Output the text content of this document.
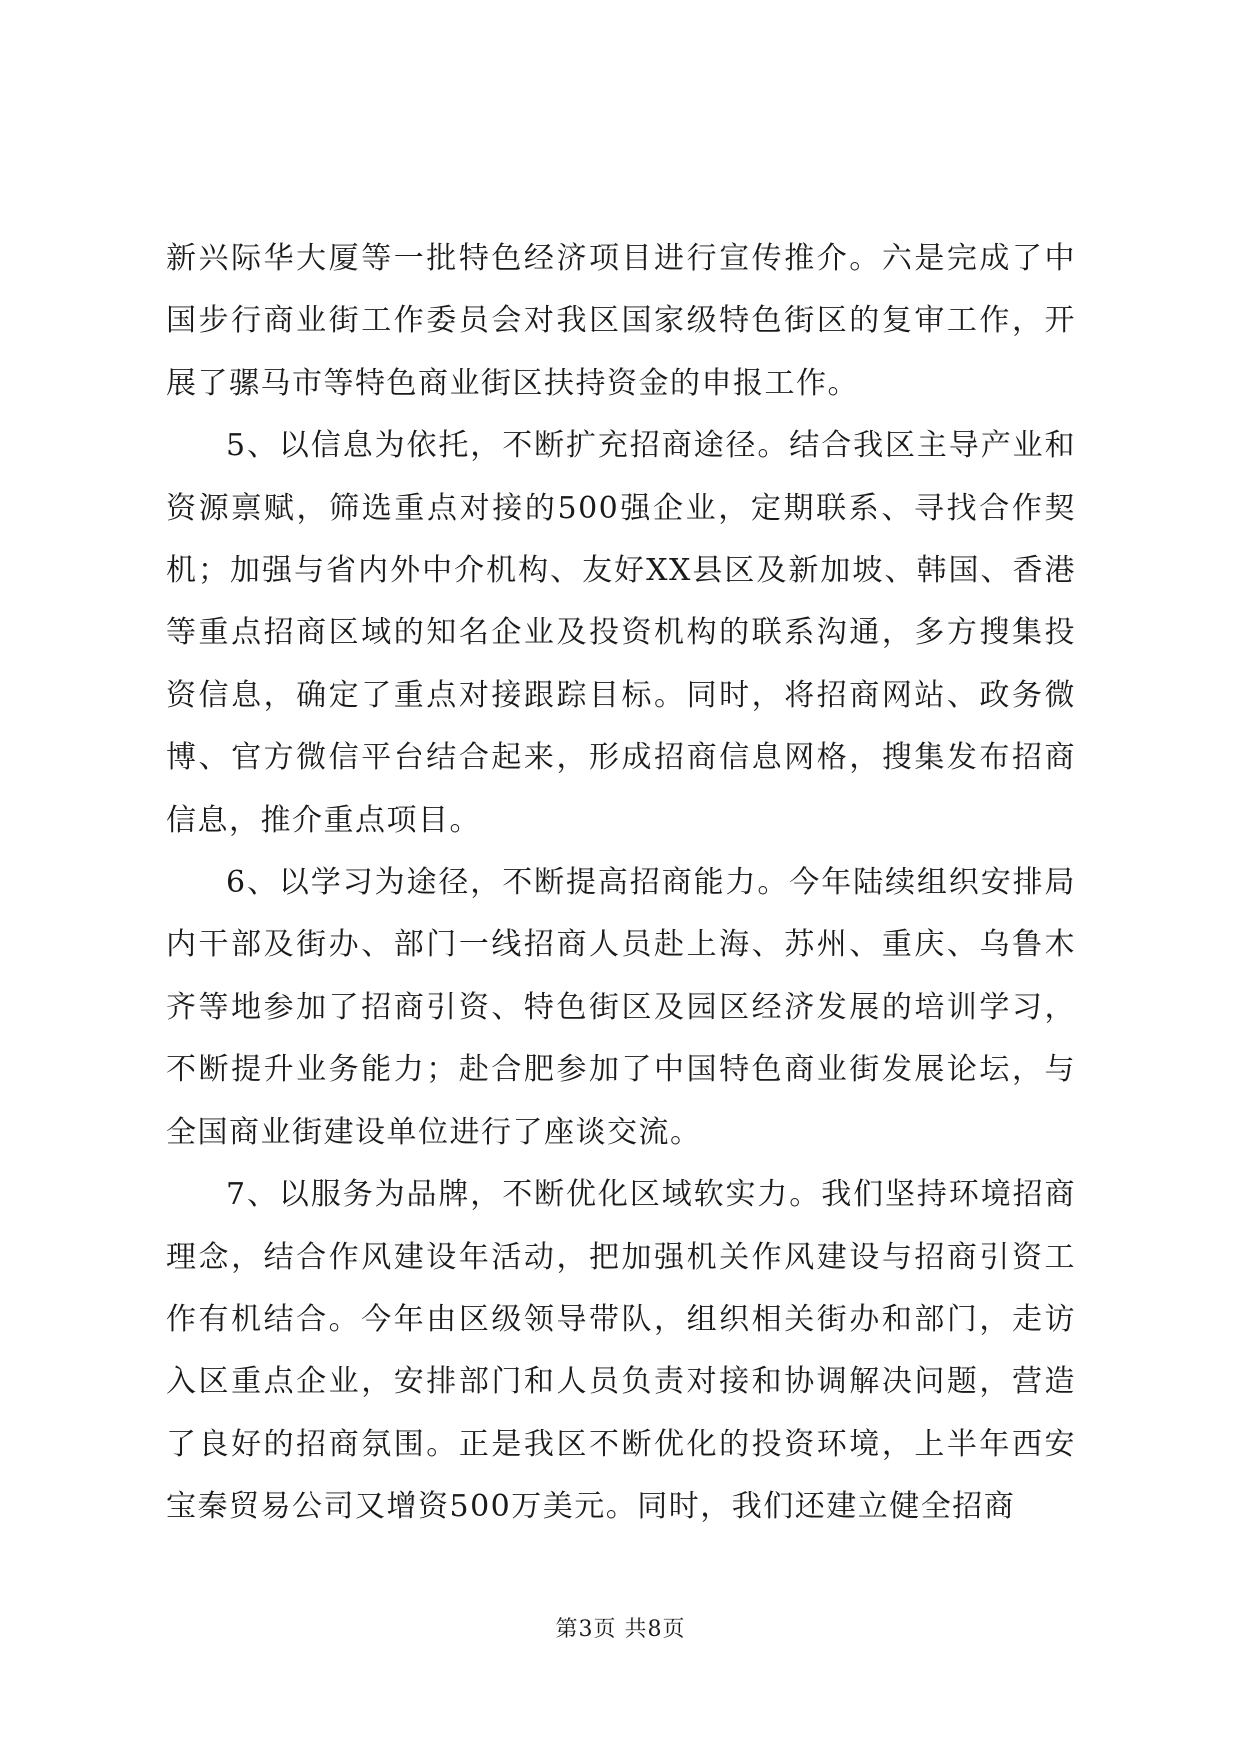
新兴际华大厦等一批特色经济项目进行宣传推介。六是完成了中国步行商业街工作委员会对我区国家级特色街区的复审工作，开展了骡马市等特色商业街区扶持资金的申报工作。

5、以信息为依托，不断扩充招商途径。结合我区主导产业和资源禀赋，筛选重点对接的500强企业，定期联系、寻找合作契机；加强与省内外中介机构、友好XX县区及新加坡、韩国、香港等重点招商区域的知名企业及投资机构的联系沟通，多方搜集投资信息，确定了重点对接跟踪目标。同时，将招商网站、政务微博、官方微信平台结合起来，形成招商信息网格，搜集发布招商信息，推介重点项目。

6、以学习为途径，不断提高招商能力。今年陆续组织安排局内干部及街办、部门一线招商人员赴上海、苏州、重庆、乌鲁木齐等地参加了招商引资、特色街区及园区经济发展的培训学习，不断提升业务能力；赴合肥参加了中国特色商业街发展论坛，与全国商业街建设单位进行了座谈交流。

7、以服务为品牌，不断优化区域软实力。我们坚持环境招商理念，结合作风建设年活动，把加强机关作风建设与招商引资工作有机结合。今年由区级领导带队，组织相关街办和部门，走访入区重点企业，安排部门和人员负责对接和协调解决问题，营造了良好的招商氛围。正是我区不断优化的投资环境，上半年西安宝秦贸易公司又增资500万美元。同时，我们还建立健全招商

第3页 共8页
